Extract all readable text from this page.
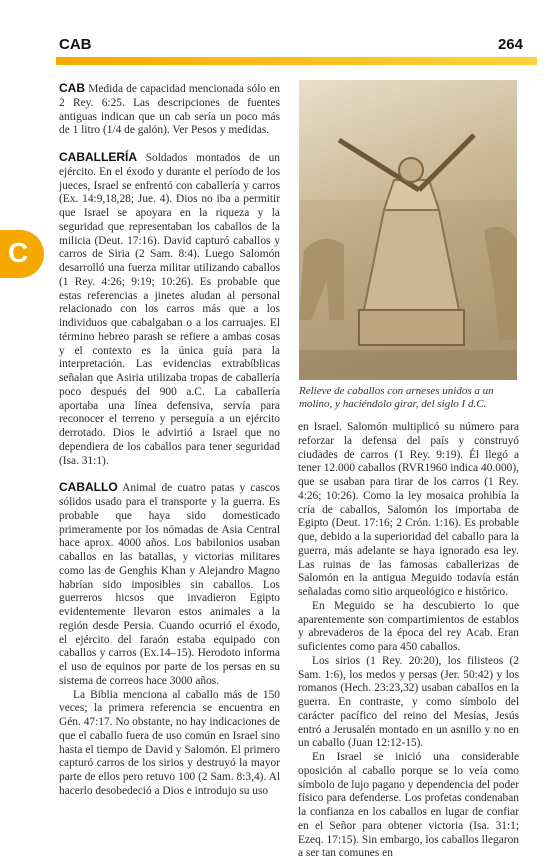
CAB	264
C
Relieve de caballos con arneses unidos a un molino, y haciéndolo girar, del siglo I d.C.

CAB Medida de capacidad mencionada sólo en 2 Rey. 6:25. Las descripciones de fuentes antiguas indican que un cab sería un poco más de 1 litro (1/4 de galón). Ver Pesos y medidas.

CABALLERÍA Soldados montados de un ejército. En el éxodo y durante el período de los jueces, Israel se enfrentó con caballería y carros (Ex. 14:9,18,28; Jue. 4). Dios no iba a permitir que Israel se apoyara en la riqueza y la seguridad que representaban los caballos de la milicia (Deut. 17:16). David capturó caballos y carros de Siria (2 Sam. 8:4). Luego Salomón desarrolló una fuerza militar utilizando caballos (1 Rey. 4:26; 9:19; 10:26). Es probable que estas referencias a jinetes aludan al personal relacionado con los carros más que a los individuos que cabalgaban o a los carruajes. El término hebreo parash se refiere a ambas cosas y el contexto es la única guía para la interpretación. Las evidencias extrabíblicas señalan que Asiria utilizaba tropas de caballería poco después del 900 a.C. La caballería aportaba una línea defensiva, servía para reconocer el terreno y perseguía a un ejército derrotado. Dios le advirtió a Israel que no dependiera de los caballos para tener seguridad (Isa. 31:1).

CABALLO Animal de cuatro patas y cascos sólidos usado para el transporte y la guerra. Es probable que haya sido domesticado primeramente por los nómadas de Asia Central hace aprox. 4000 años. Los babilonios usaban caballos en las batallas, y victorias militares como las de Genghis Khan y Alejandro Magno habrían sido imposibles sin caballos. Los guerreros hicsos que invadieron Egipto evidentemente llevaron estos animales a la región desde Persia. Cuando ocurrió el éxodo, el ejército del faraón estaba equipado con caballos y carros (Ex.14–15). Herodoto informa el uso de equinos por parte de los persas en su sistema de correos hace 3000 años.

La Biblia menciona al caballo más de 150 veces; la primera referencia se encuentra en Gén. 47:17. No obstante, no hay indicaciones de que el caballo fuera de uso común en Israel sino hasta el tiempo de David y Salomón. El primero capturó carros de los sirios y destruyó la mayor parte de ellos pero retuvo 100 (2 Sam. 8:3,4). Al hacerlo desobedeció a Dios e introdujo su uso

en Israel. Salomón multiplicó su número para reforzar la defensa del país y construyó ciudades de carros (1 Rey. 9:19). Él llegó a tener 12.000 caballos (RVR1960 indica 40.000), que se usaban para tirar de los carros (1 Rey. 4:26; 10:26). Como la ley mosaica prohibía la cría de caballos, Salomón los importaba de Egipto (Deut. 17:16; 2 Crón. 1:16). Es probable que, debido a la superioridad del caballo para la guerra, más adelante se haya ignorado esa ley. Las ruinas de las famosas caballerizas de Salomón en la antigua Meguido todavía están señaladas como sitio arqueológico e histórico.

En Meguido se ha descubierto lo que aparentemente son compartimientos de establos y abrevaderos de la época del rey Acab. Eran suficientes como para 450 caballos.

Los sirios (1 Rey. 20:20), los filisteos (2 Sam. 1:6), los medos y persas (Jer. 50:42) y los romanos (Hech. 23:23,32) usaban caballos en la guerra. En contraste, y como símbolo del carácter pacífico del reino del Mesías, Jesús entró a Jerusalén montado en un asnillo y no en un caballo (Juan 12:12-15).

En Israel se inició una considerable oposición al caballo porque se lo veía como símbolo de lujo pagano y dependencia del poder físico para defenderse. Los profetas condenaban la confianza en los caballos en lugar de confiar en el Señor para obtener victoria (Isa. 31:1; Ezeq. 17:15). Sin embargo, los caballos llegaron a ser tan comunes en
